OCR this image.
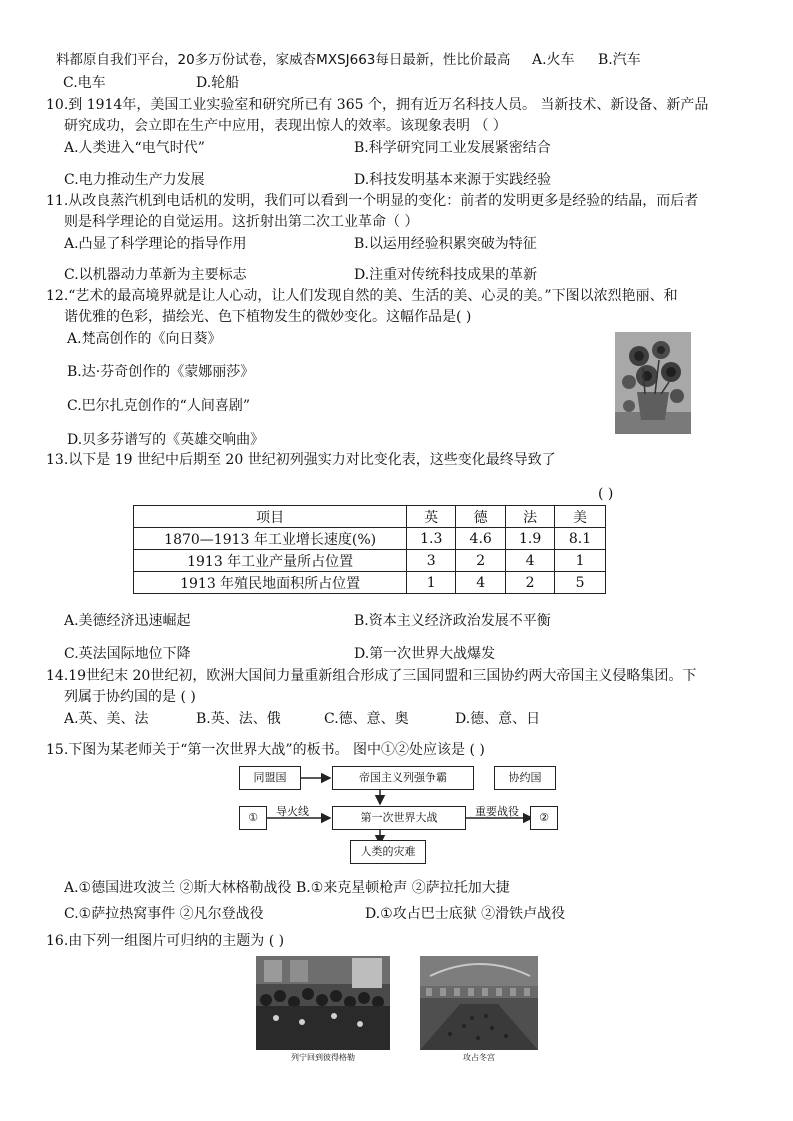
料都原自我们平台，20多万份试卷，家威杏MXSJ663每日最新，性比价最高 A.火车 B.汽车
C.电车	D.轮船
10.到 1914年，美国工业实验室和研究所已有 365 个，拥有近万名科技人员。 当新技术、新设备、新产品
研究成功，会立即在生产中应用，表现出惊人的效率。该现象表明 （ ）
A.人类进入“电气时代”	B.科学研究同工业发展紧密结合
C.电力推动生产力发展	D.科技发明基本来源于实践经验
11.从改良蒸汽机到电话机的发明，我们可以看到一个明显的变化：前者的发明更多是经验的结晶，而后者
则是科学理论的自觉运用。这折射出第二次工业革命（ ）
A.凸显了科学理论的指导作用	B.以运用经验积累突破为特征
C.以机器动力革新为主要标志	D.注重对传统科技成果的革新
12.“艺术的最高境界就是让人心动，让人们发现自然的美、生活的美、心灵的美。”下图以浓烈艳丽、和
谐优雅的色彩，描绘光、色下植物发生的微妙变化。这幅作品是( )
A.梵高创作的《向日葵》
B.达·芬奇创作的《蒙娜丽莎》
C.巴尔扎克创作的“人间喜剧”
D.贝多芬谱写的《英雄交响曲》
13.以下是 19 世纪中后期至 20 世纪初列强实力对比变化表，这些变化最终导致了
( )
项目	英	德	法	美
1870—1913 年工业增长速度(%)	1.3	4.6	1.9	8.1
1913 年工业产量所占位置	3	2	4	1
1913 年殖民地面积所占位置	1	4	2	5
A.美德经济迅速崛起	B.资本主义经济政治发展不平衡
C.英法国际地位下降	D.第一次世界大战爆发
14.19世纪末 20世纪初，欧洲大国间力量重新组合形成了三国同盟和三国协约两大帝国主义侵略集团。下
列属于协约国的是 ( )
A.英、美、法	B.英、法、俄	C.德、意、奥	D.德、意、日
15.下图为某老师关于“第一次世界大战”的板书。 图中①②处应该是 ( )
同盟国	帝国主义列强争霸	协约国
①	导火线	第一次世界大战	重要战役	②
人类的灾难
A.①德国进攻波兰 ②斯大林格勒战役 B.①来克星顿枪声 ②萨拉托加大捷
C.①萨拉热窝事件 ②凡尔登战役	D.①攻占巴士底狱 ②滑铁卢战役
16.由下列一组图片可归纳的主题为 ( )
列宁回到彼得格勒	攻占冬宫
